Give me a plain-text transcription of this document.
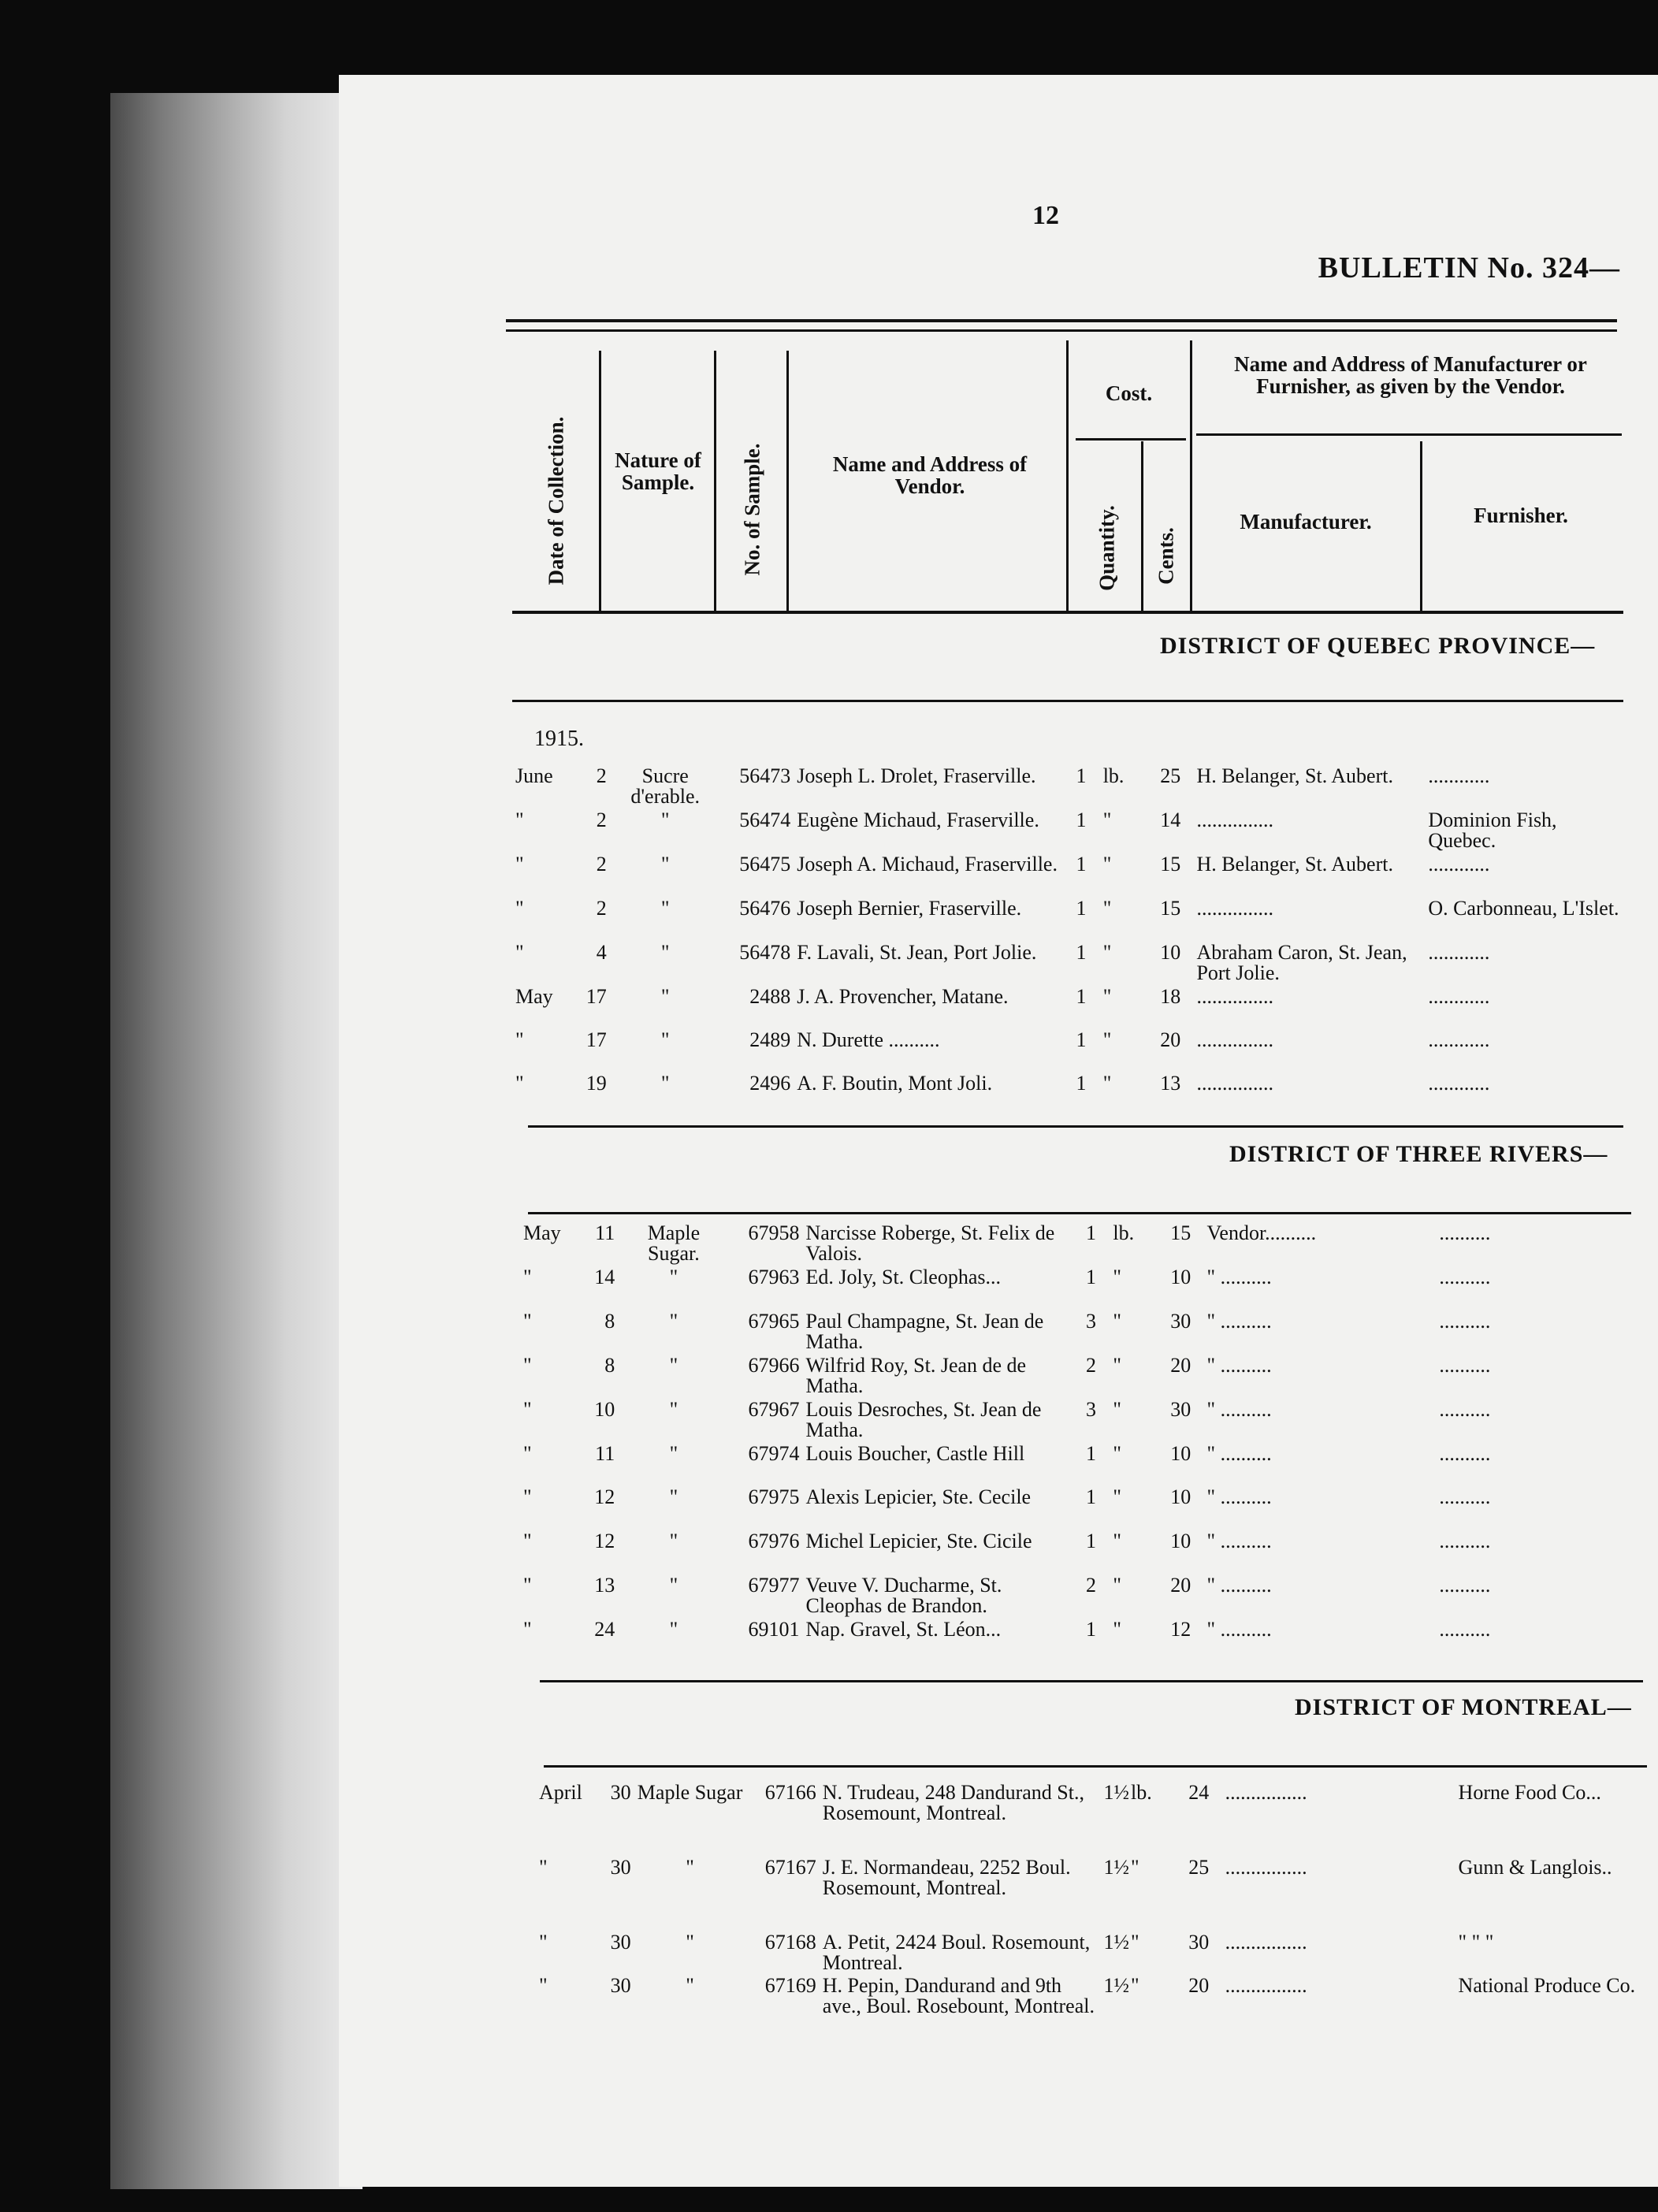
12
BULLETIN No. 324—
Date of Collection.	Nature of Sample.	No. of Sample.	Name and Address of Vendor.
Cost.
Quantity. Cents.
Name and Address of Manufacturer or Furnisher, as given by the Vendor.
Manufacturer.	Furnisher.
DISTRICT OF QUEBEC PROVINCE—
1915.
DISTRICT OF THREE RIVERS—
DISTRICT OF MONTREAL—
June	2	Sucre d'erable.	56473	Joseph L. Drolet, Fraserville.	1	lb.	25	H. Belanger, St. Aubert.	............
"	2	"	56474	Eugène Michaud, Fraserville.	1	"	14	...............	Dominion Fish, Quebec.
"	2	"	56475	Joseph A. Michaud, Fraserville.	1	"	15	H. Belanger, St. Aubert.	............
"	2	"	56476	Joseph Bernier, Fraserville.	1	"	15	...............	O. Carbonneau, L'Islet.
"	4	"	56478	F. Lavali, St. Jean, Port Jolie.	1	"	10	Abraham Caron, St. Jean, Port Jolie.	............
May	17	"	2488	J. A. Provencher, Matane.	1	"	18	...............	............
"	17	"	2489	N. Durette ..........	1	"	20	...............	............
"	19	"	2496	A. F. Boutin, Mont Joli.	1	"	13	...............	............
May	11	Maple Sugar.	67958	Narcisse Roberge, St. Felix de Valois.	1	lb.	15	Vendor..........	..........
"	14	"	67963	Ed. Joly, St. Cleophas...	1	"	10	" ..........	..........
"	8	"	67965	Paul Champagne, St. Jean de Matha.	3	"	30	" ..........	..........
"	8	"	67966	Wilfrid Roy, St. Jean de de Matha.	2	"	20	" ..........	..........
"	10	"	67967	Louis Desroches, St. Jean de Matha.	3	"	30	" ..........	..........
"	11	"	67974	Louis Boucher, Castle Hill	1	"	10	" ..........	..........
"	12	"	67975	Alexis Lepicier, Ste. Cecile	1	"	10	" ..........	..........
"	12	"	67976	Michel Lepicier, Ste. Cicile	1	"	10	" ..........	..........
"	13	"	67977	Veuve V. Ducharme, St. Cleophas de Brandon.	2	"	20	" ..........	..........
"	24	"	69101	Nap. Gravel, St. Léon...	1	"	12	" ..........	..........
April	30	Maple Sugar	67166	N. Trudeau, 248 Dandurand St., Rosemount, Montreal.	1½	lb.	24	................	Horne Food Co...
"	30	"	67167	J. E. Normandeau, 2252 Boul. Rosemount, Montreal.	1½	"	25	................	Gunn & Langlois..
"	30	"	67168	A. Petit, 2424 Boul. Rosemount, Montreal.	1½	"	30	................	" " "
"	30	"	67169	H. Pepin, Dandurand and 9th ave., Boul. Rosebount, Montreal.	1½	"	20	................	National Produce Co.
